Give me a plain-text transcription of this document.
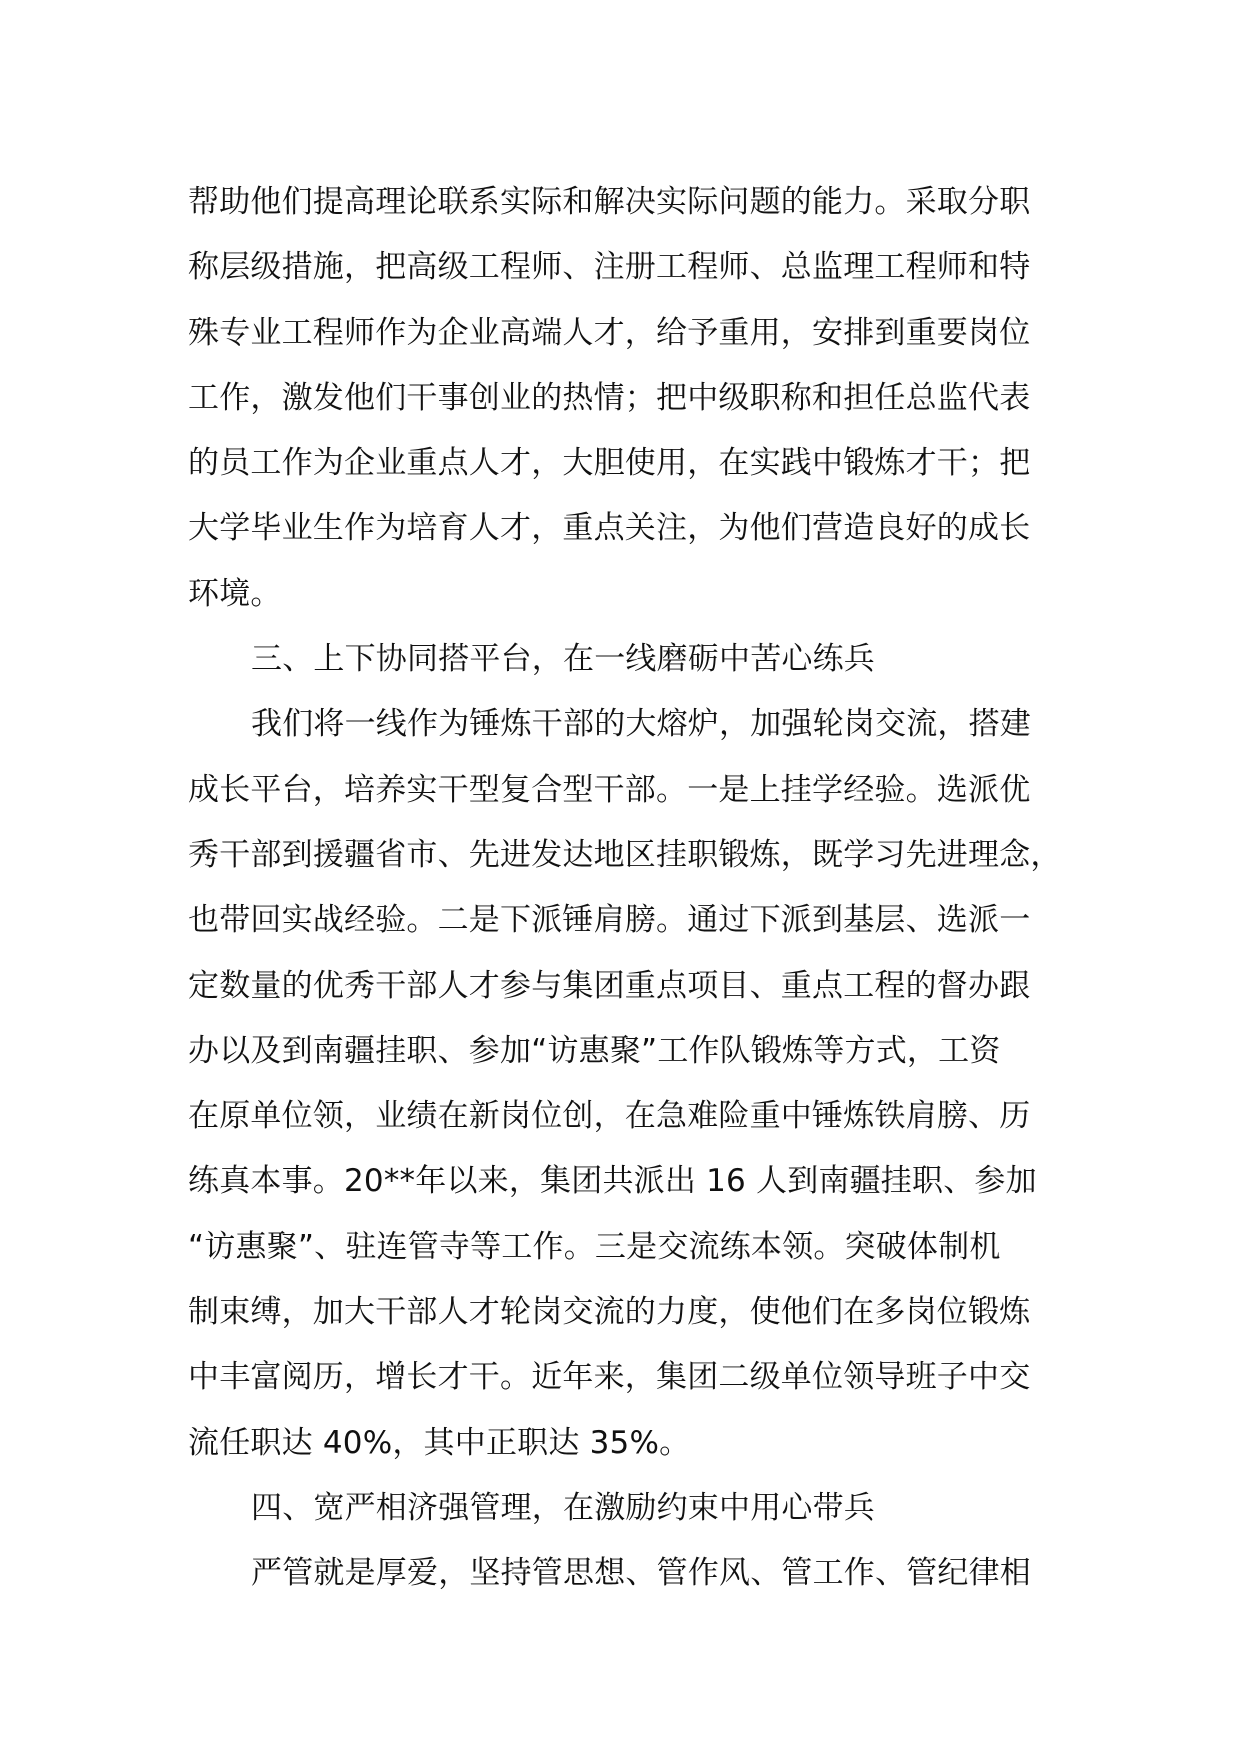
帮助他们提高理论联系实际和解决实际问题的能力。采取分职
称层级措施，把高级工程师、注册工程师、总监理工程师和特
殊专业工程师作为企业高端人才，给予重用，安排到重要岗位
工作，激发他们干事创业的热情；把中级职称和担任总监代表
的员工作为企业重点人才，大胆使用，在实践中锻炼才干；把
大学毕业生作为培育人才，重点关注，为他们营造良好的成长
环境。
三、上下协同搭平台，在一线磨砺中苦心练兵
我们将一线作为锤炼干部的大熔炉，加强轮岗交流，搭建
成长平台，培养实干型复合型干部。一是上挂学经验。选派优
秀干部到援疆省市、先进发达地区挂职锻炼，既学习先进理念，
也带回实战经验。二是下派锤肩膀。通过下派到基层、选派一
定数量的优秀干部人才参与集团重点项目、重点工程的督办跟
办以及到南疆挂职、参加“访惠聚”工作队锻炼等方式，工资
在原单位领，业绩在新岗位创，在急难险重中锤炼铁肩膀、历
练真本事。20**年以来，集团共派出 16 人到南疆挂职、参加
“访惠聚”、驻连管寺等工作。三是交流练本领。突破体制机
制束缚，加大干部人才轮岗交流的力度，使他们在多岗位锻炼
中丰富阅历，增长才干。近年来，集团二级单位领导班子中交
流任职达 40%，其中正职达 35%。
四、宽严相济强管理，在激励约束中用心带兵
严管就是厚爱，坚持管思想、管作风、管工作、管纪律相
